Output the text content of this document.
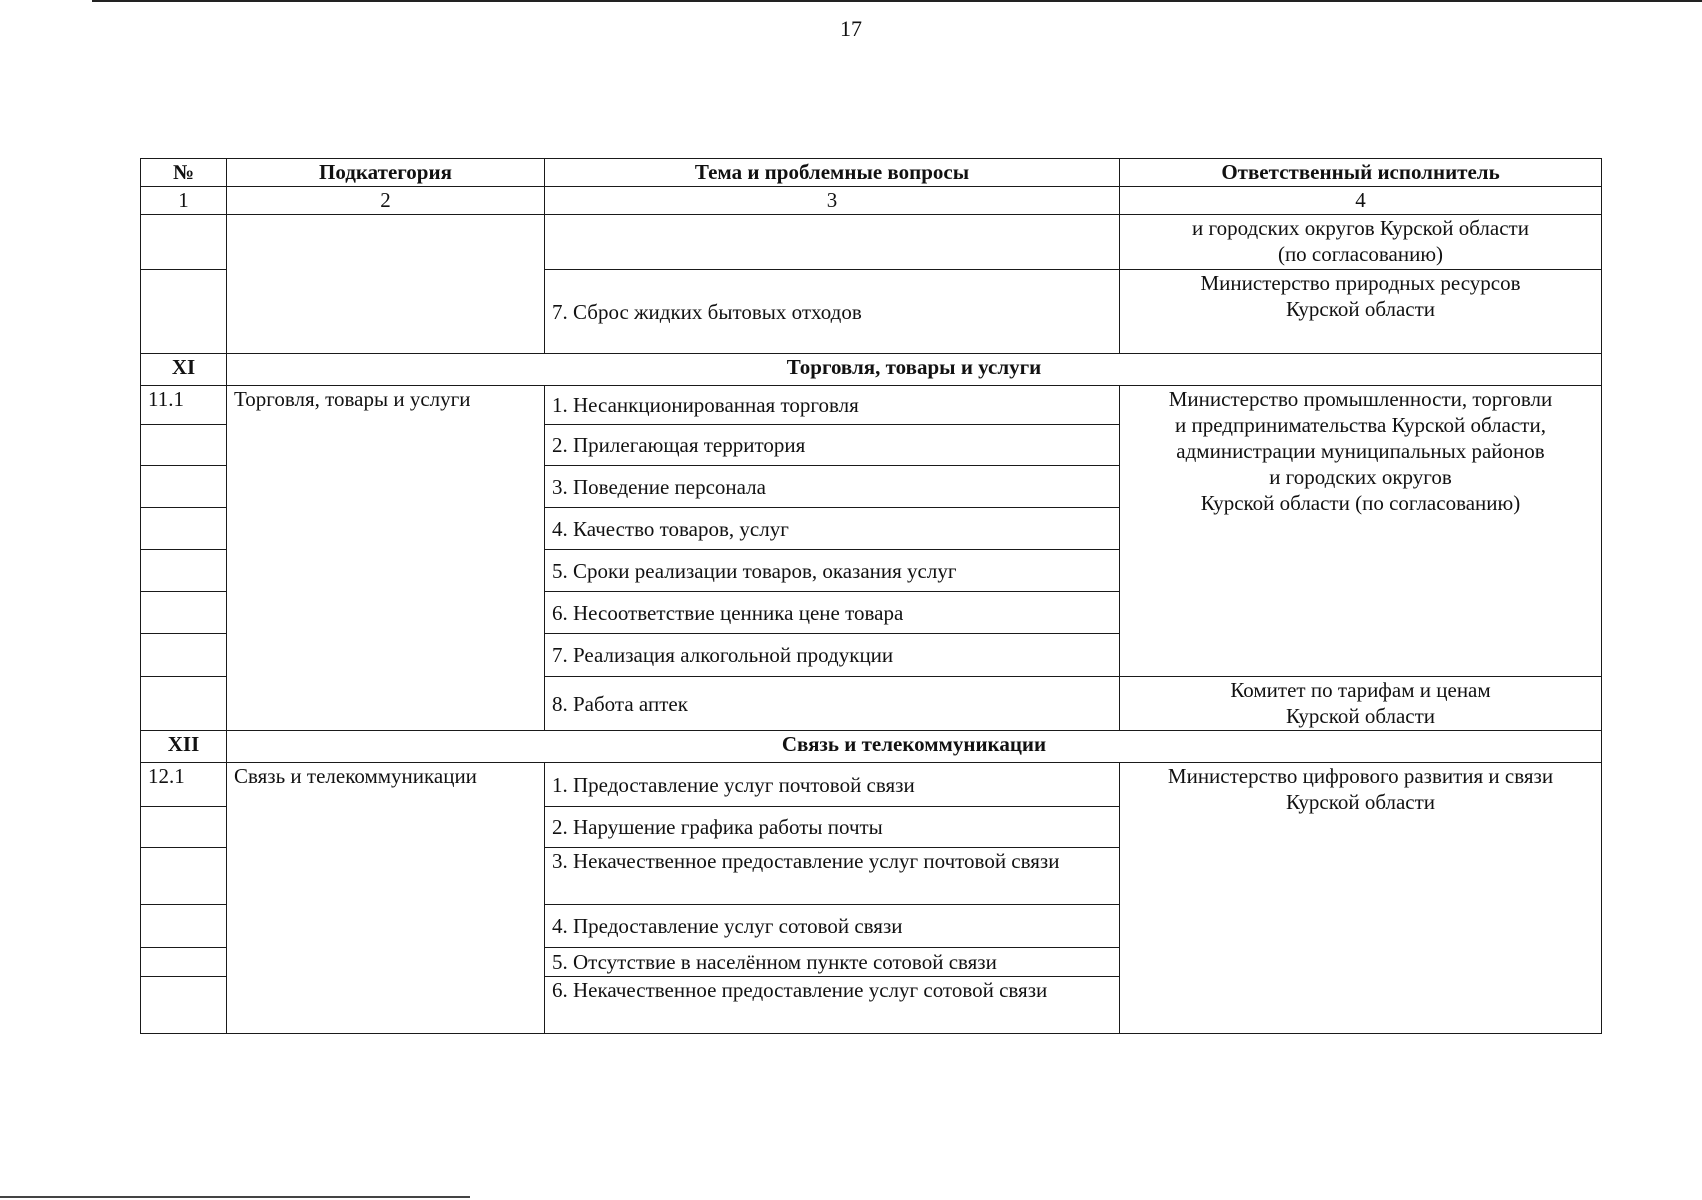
17
№	Подкатегория	Тема и проблемные вопросы	Ответственный исполнитель
1	2	3	4

			и городских округов Курской области
(по согласованию)

		7. Сброс жидких бытовых отходов	Министерство природных ресурсов
Курской области

XI	Торговля, товары и услуги		
11.1	Торговля, товары и услуги	1. Несанкционированная торговля	Министерство промышленности, торговли
и предпринимательства Курской области,
администрации муниципальных районов
и городских округов
Курской области (по согласованию)

		2. Прилегающая территория	
		3. Поведение персонала	
		4. Качество товаров, услуг	
		5. Сроки реализации товаров, оказания услуг	
		6. Несоответствие ценника цене товара	
		7. Реализация алкогольной продукции	
		8. Работа аптек	Комитет по тарифам и ценам
Курской области

XII	Связь и телекоммуникации		
12.1	Связь и телекоммуникации	1. Предоставление услуг почтовой связи	Министерство цифрового развития и связи
Курской области

		2. Нарушение графика работы почты	
		3. Некачественное предоставление услуг почтовой связи	
		4. Предоставление услуг сотовой связи	
		5. Отсутствие в населённом пункте сотовой связи	
		6. Некачественное предоставление услуг сотовой связи	
